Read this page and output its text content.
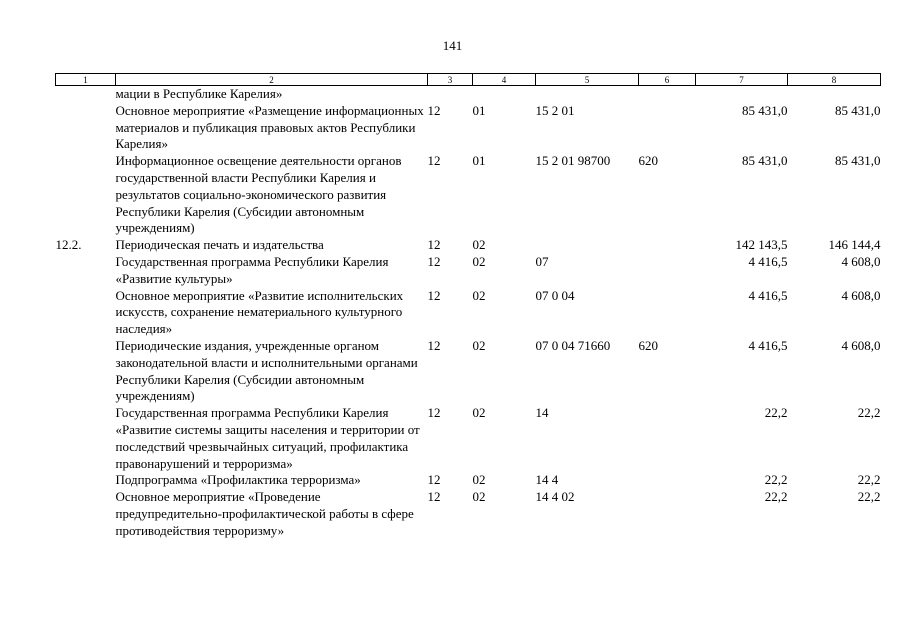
141
1	2	3	4	5	6	7	8
	мации в Республике Карелия»						
	Основное мероприятие «Размещение информационных материалов и публикация правовых актов Республики Карелия»	12	01	15 2 01		85 431,0	85 431,0
	Информационное освещение деятельности органов государственной власти Республики Карелия и результатов социально-экономического развития Республики Карелия (Субсидии автономным учреждениям)	12	01	15 2 01 98700	620	85 431,0	85 431,0
12.2.	Периодическая печать и издательства	12	02			142 143,5	146 144,4
	Государственная программа Республики Карелия «Развитие культуры»	12	02	07		4 416,5	4 608,0
	Основное мероприятие «Развитие исполнительских искусств, сохранение нематериального культурного наследия»	12	02	07 0 04		4 416,5	4 608,0
	Периодические издания, учрежденные органом законодательной власти и исполнительными органами Республики Карелия (Субсидии автономным учреждениям)	12	02	07 0 04 71660	620	4 416,5	4 608,0
	Государственная программа Республики Карелия «Развитие системы защиты населения и территории от последствий чрезвычайных ситуаций, профилактика правонарушений и терроризма»	12	02	14		22,2	22,2
	Подпрограмма «Профилактика терроризма»	12	02	14 4		22,2	22,2
	Основное мероприятие «Проведение предупредительно-профилактической работы в сфере противодействия терроризму»	12	02	14 4 02		22,2	22,2
